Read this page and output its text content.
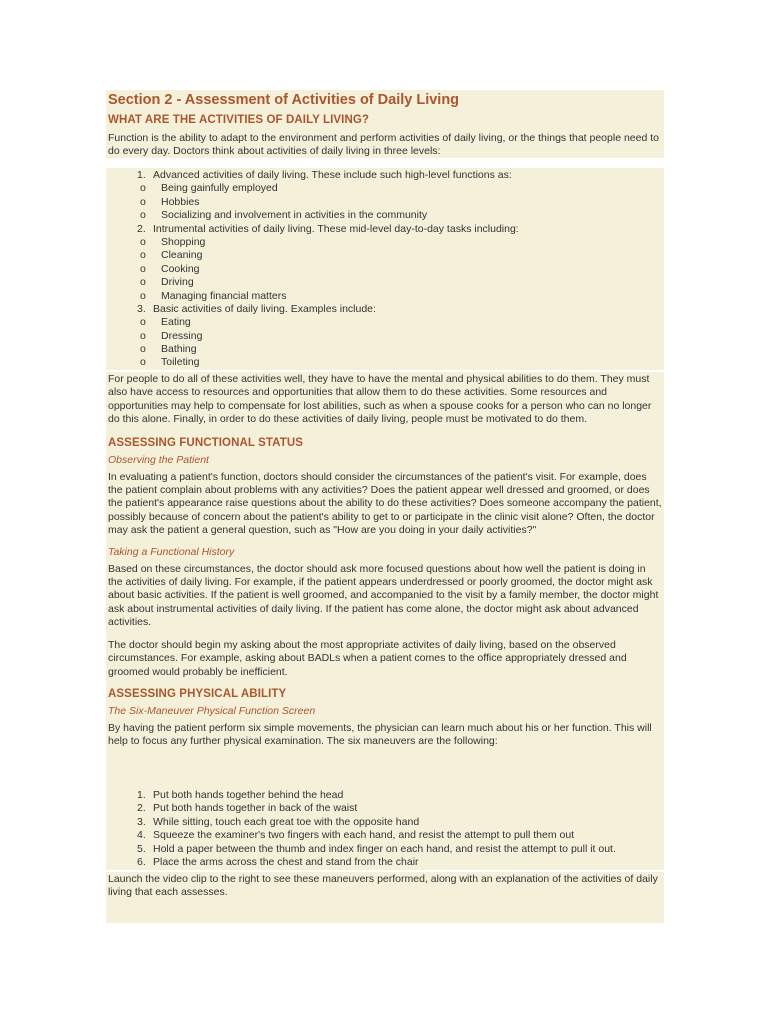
Section 2 - Assessment of Activities of Daily Living
WHAT ARE THE ACTIVITIES OF DAILY LIVING?

Function is the ability to adapt to the environment and perform activities of daily living, or the things that people need to do every day. Doctors think about activities of daily living in three levels:

1. Advanced activities of daily living. These include such high-level functions as:
o Being gainfully employed
o Hobbies
o Socializing and involvement in activities in the community
2. Intrumental activities of daily living. These mid-level day-to-day tasks including:
o Shopping
o Cleaning
o Cooking
o Driving
o Managing financial matters
3. Basic activities of daily living. Examples include:
o Eating
o Dressing
o Bathing
o Toileting

For people to do all of these activities well, they have to have the mental and physical abilities to do them. They must also have access to resources and opportunities that allow them to do these activities. Some resources and opportunities may help to compensate for lost abilities, such as when a spouse cooks for a person who can no longer do this alone. Finally, in order to do these activities of daily living, people must be motivated to do them.

ASSESSING FUNCTIONAL STATUS
Observing the Patient

In evaluating a patient's function, doctors should consider the circumstances of the patient's visit. For example, does the patient complain about problems with any activities? Does the patient appear well dressed and groomed, or does the patient's appearance raise questions about the ability to do these activities? Does someone accompany the patient, possibly because of concern about the patient's ability to get to or participate in the clinic visit alone? Often, the doctor may ask the patient a general question, such as "How are you doing in your daily activities?"

Taking a Functional History

Based on these circumstances, the doctor should ask more focused questions about how well the patient is doing in the activities of daily living. For example, if the patient appears underdressed or poorly groomed, the doctor might ask about basic activities. If the patient is well groomed, and accompanied to the visit by a family member, the doctor might ask about instrumental activities of daily living. If the patient has come alone, the doctor might ask about advanced activities.

The doctor should begin my asking about the most appropriate activites of daily living, based on the observed circumstances. For example, asking about BADLs when a patient comes to the office appropriately dressed and groomed would probably be inefficient.

ASSESSING PHYSICAL ABILITY
The Six-Maneuver Physical Function Screen

By having the patient perform six simple movements, the physician can learn much about his or her function. This will help to focus any further physical examination. The six maneuvers are the following:

1. Put both hands together behind the head
2. Put both hands together in back of the waist
3. While sitting, touch each great toe with the opposite hand
4. Squeeze the examiner's two fingers with each hand, and resist the attempt to pull them out
5. Hold a paper between the thumb and index finger on each hand, and resist the attempt to pull it out.
6. Place the arms across the chest and stand from the chair

Launch the video clip to the right to see these maneuvers performed, along with an explanation of the activities of daily living that each assesses.
